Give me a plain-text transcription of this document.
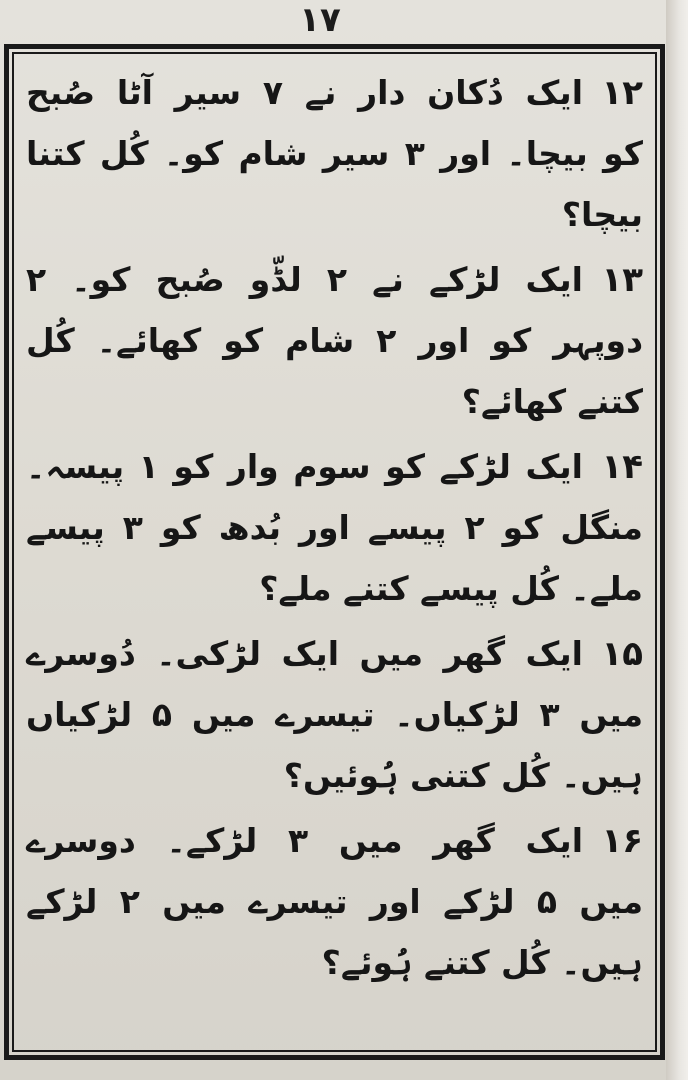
۱۷
۱۲ایک دُکان دار نے ۷ سیر آٹا صُبح
کو بیچا۔ اور ۳ سیر شام کو۔ کُل کتنا
بیچا؟
۱۳ایک لڑکے نے ۲ لڈّو صُبح کو۔ ۲
دوپہر کو اور ۲ شام کو کھائے۔ کُل
کتنے کھائے؟
۱۴ایک لڑکے کو سوم وار کو ۱ پیسہ۔
منگل کو ۲ پیسے اور بُدھ کو ۳ پیسے
ملے۔ کُل پیسے کتنے ملے؟
۱۵ایک گھر میں ایک لڑکی۔ دُوسرے
میں ۳ لڑکیاں۔ تیسرے میں ۵ لڑکیاں
ہیں۔ کُل کتنی ہُوئیں؟
۱۶ایک گھر میں ۳ لڑکے۔ دوسرے
میں ۵ لڑکے اور تیسرے میں ۲ لڑکے
ہیں۔ کُل کتنے ہُوئے؟
